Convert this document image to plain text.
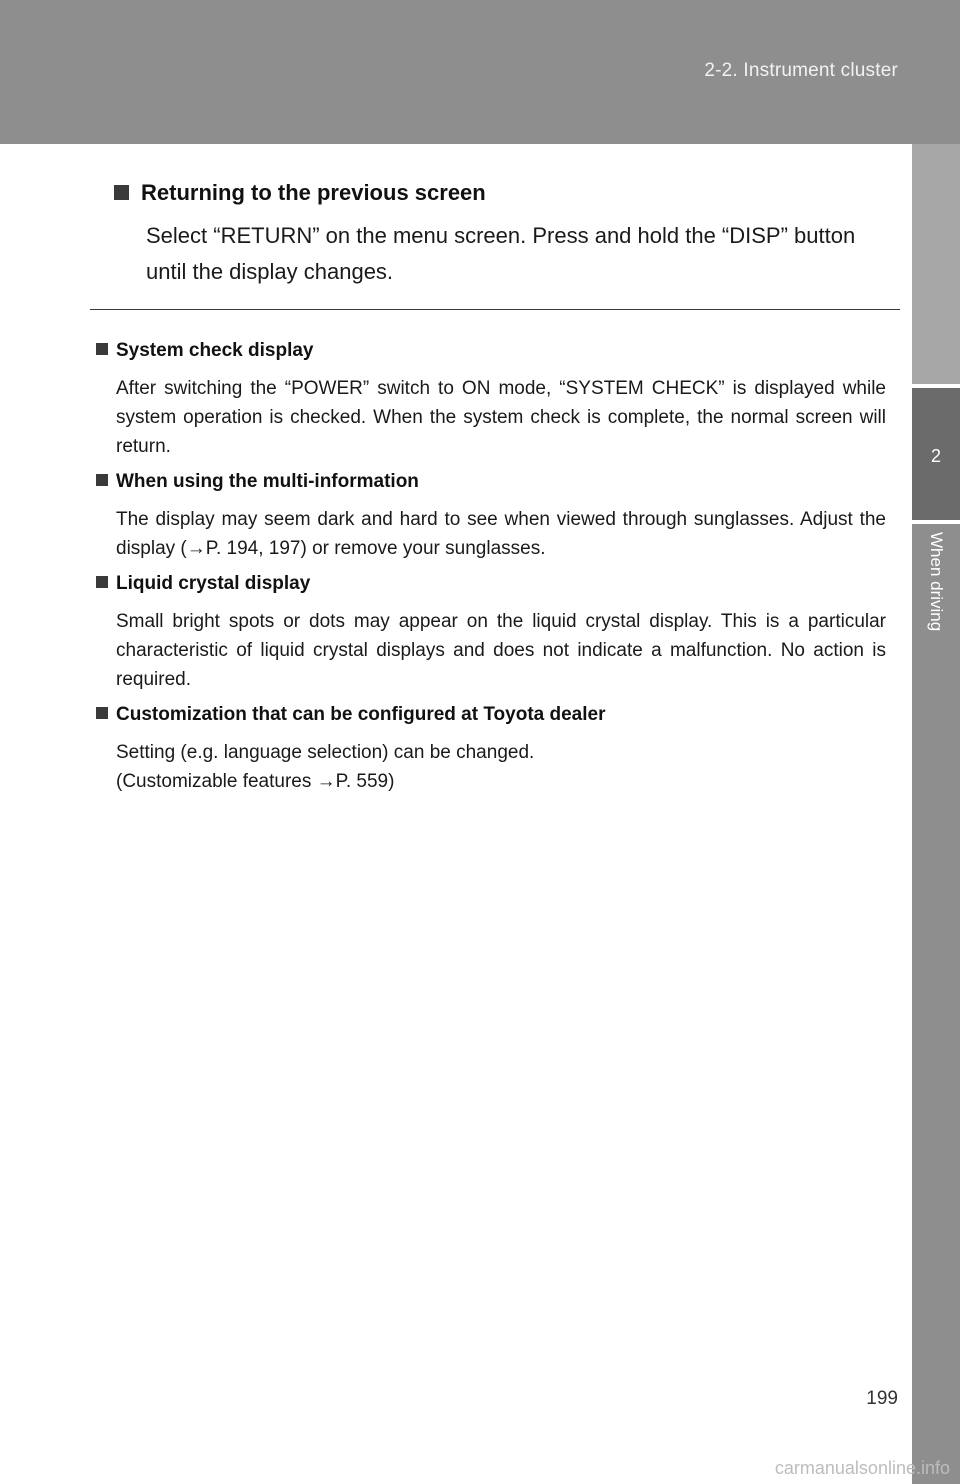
2-2. Instrument cluster
2
When driving
Returning to the previous screen
Select “RETURN” on the menu screen. Press and hold the “DISP” button until the display changes.
System check display
After switching the “POWER” switch to ON mode, “SYSTEM CHECK” is displayed while system operation is checked. When the system check is complete, the normal screen will return.
When using the multi-information
The display may seem dark and hard to see when viewed through sunglasses. Adjust the display (→P. 194, 197) or remove your sunglasses.
Liquid crystal display
Small bright spots or dots may appear on the liquid crystal display. This is a particular characteristic of liquid crystal displays and does not indicate a malfunction. No action is required.
Customization that can be configured at Toyota dealer

Setting (e.g. language selection) can be changed.

(Customizable features →P. 559)

199
carmanualsonline.info
